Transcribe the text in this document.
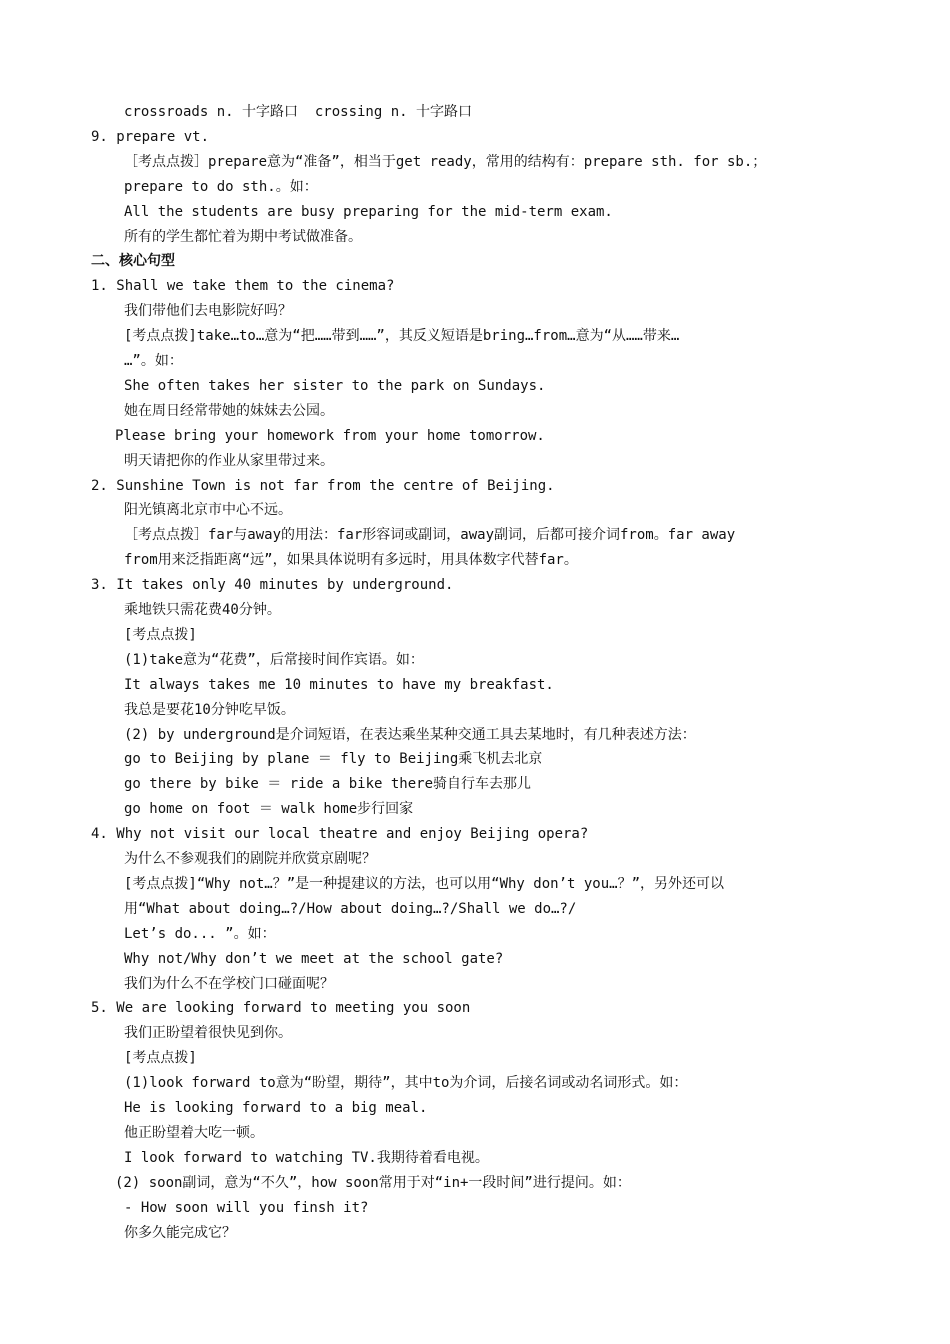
crossroads n. 十字路口  crossing n. 十字路口
9. prepare vt.
［考点点拨］prepare意为“准备”，相当于get ready，常用的结构有：prepare sth. for sb.；
prepare to do sth.。如：
All the students are busy preparing for the mid-term exam.
所有的学生都忙着为期中考试做准备。
二、核心句型
1. Shall we take them to the cinema?
我们带他们去电影院好吗？
[考点点拨]take…to…意为“把……带到……”，其反义短语是bring…from…意为“从……带来…
…”。如：
She often takes her sister to the park on Sundays.
她在周日经常带她的妹妹去公园。
Please bring your homework from your home tomorrow.
明天请把你的作业从家里带过来。
2. Sunshine Town is not far from the centre of Beijing.
阳光镇离北京市中心不远。
［考点点拨］far与away的用法：far形容词或副词，away副词，后都可接介词from。far away
from用来泛指距离“远”，如果具体说明有多远时，用具体数字代替far。
3. It takes only 40 minutes by underground.
乘地铁只需花费40分钟。
[考点点拨]
(1)take意为“花费”，后常接时间作宾语。如：
It always takes me 10 minutes to have my breakfast.
我总是要花10分钟吃早饭。
(2) by underground是介词短语，在表达乘坐某种交通工具去某地时，有几种表述方法：
go to Beijing by plane ＝ fly to Beijing乘飞机去北京
go there by bike ＝ ride a bike there骑自行车去那儿
go home on foot ＝ walk home步行回家
4. Why not visit our local theatre and enjoy Beijing opera?
为什么不参观我们的剧院并欣赏京剧呢？
[考点点拨]“Why not…？”是一种提建议的方法，也可以用“Why don’t you…？”，另外还可以
用“What about doing…?/How about doing…?/Shall we do…?/
Let’s do... ”。如：
Why not/Why don’t we meet at the school gate?
我们为什么不在学校门口碰面呢？
5. We are looking forward to meeting you soon
我们正盼望着很快见到你。
[考点点拨]
(1)look forward to意为“盼望，期待”，其中to为介词，后接名词或动名词形式。如：
He is looking forward to a big meal.
他正盼望着大吃一顿。
I look forward to watching TV.我期待着看电视。
(2) soon副词，意为“不久”，how soon常用于对“in+一段时间”进行提问。如：
- How soon will you finsh it?
你多久能完成它？
